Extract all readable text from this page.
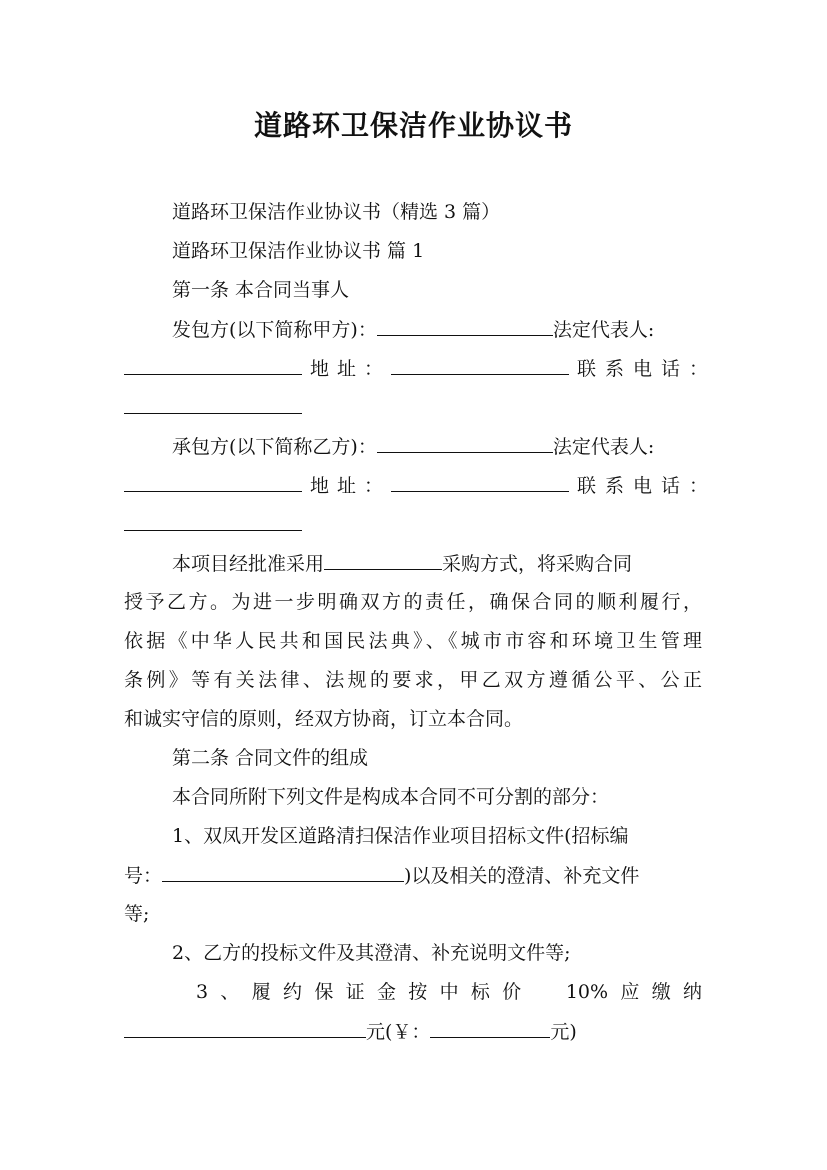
道路环卫保洁作业协议书
道路环卫保洁作业协议书（精选 3 篇）
道路环卫保洁作业协议书 篇 1
第一条 本合同当事人
发包方(以下简称甲方)：	法定代表人:
地址：	联系电话：
承包方(以下简称乙方)：	法定代表人:
地址：	联系电话：
本项目经批准采用	采购方式，将采购合同
授予乙方。为进一步明确双方的责任，确保合同的顺利履行，
依据《中华人民共和国民法典》、《城市市容和环境卫生管理
条例》等有关法律、法规的要求，甲乙双方遵循公平、公正
和诚实守信的原则，经双方协商，订立本合同。
第二条 合同文件的组成
本合同所附下列文件是构成本合同不可分割的部分：
1、双凤开发区道路清扫保洁作业项目招标文件(招标编
号：	)以及相关的澄清、补充文件
等;
2、乙方的投标文件及其澄清、补充说明文件等;
3、履约保证金按中标价 10%应缴纳
元(￥：	元)
